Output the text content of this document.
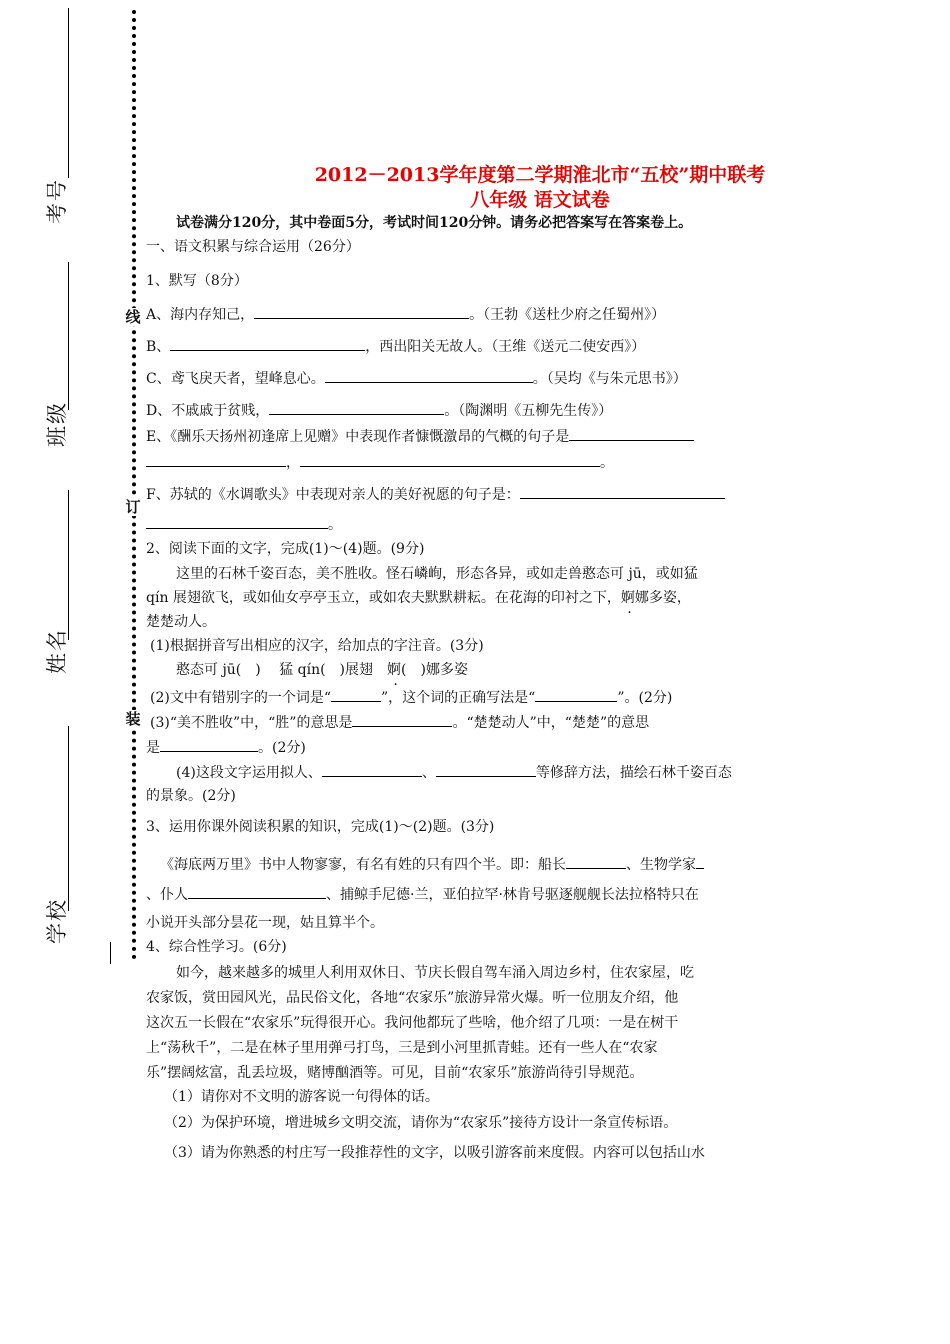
考号
班级
姓名
学校
线
订
装
2012－2013学年度第二学期淮北市“五校”期中联考
八年级 语文试卷
试卷满分120分，其中卷面5分，考试时间120分钟。请务必把答案写在答案卷上。
一、语文积累与综合运用（26分）
1、默写（8分）
A、海内存知己，	。（王勃《送杜少府之任蜀州》）
B、	，西出阳关无故人。（王维《送元二使安西》）
C、鸢飞戾天者，望峰息心。	。（吴均《与朱元思书》）
D、不戚戚于贫贱，	。（陶渊明《五柳先生传》）
E、《酬乐天扬州初逢席上见赠》中表现作者慷慨激昂的气概的句子是
，	。
F、苏轼的《水调歌头》中表现对亲人的美好祝愿的句子是：
。
2、阅读下面的文字，完成(1)～(4)题。(9分)
这里的石林千姿百态，美不胜收。怪石嶙峋，形态各异，或如走兽憨态可 jū，或如猛
qín 展翅欲飞，或如仙女亭亭玉立，或如农夫默默耕耘。在花海的印衬之下，婀娜多姿，
楚楚动人。
(1)根据拼音写出相应的汉字，给加点的字注音。(3分)
憨态可 jū(　)　 猛 qín(　)展翅　婀(　)娜多姿
(2)文中有错别字的一个词是“	”，这个词的正确写法是“	”。(2分)
(3)“美不胜收”中，“胜”的意思是	。“楚楚动人”中，“楚楚”的意思
是	。(2分)
(4)这段文字运用拟人、	、	等修辞方法，描绘石林千姿百态
的景象。(2分)
3、运用你课外阅读积累的知识，完成(1)～(2)题。(3分)
《海底两万里》书中人物寥寥，有名有姓的只有四个半。即：船长	、生物学家
、仆人	、捕鲸手尼德·兰，亚伯拉罕·林肯号驱逐舰舰长法拉格特只在
小说开头部分昙花一现，姑且算半个。
4、综合性学习。(6分)
如今，越来越多的城里人利用双休日、节庆长假自驾车涌入周边乡村，住农家屋，吃
农家饭，赏田园风光，品民俗文化，各地“农家乐”旅游异常火爆。听一位朋友介绍，他
这次五一长假在“农家乐”玩得很开心。我问他都玩了些啥，他介绍了几项：一是在树干
上“荡秋千”，二是在林子里用弹弓打鸟，三是到小河里抓青蛙。还有一些人在“农家
乐”摆阔炫富，乱丢垃圾，赌博酗酒等。可见，目前“农家乐”旅游尚待引导规范。
（1）请你对不文明的游客说一句得体的话。
（2）为保护环境，增进城乡文明交流，请你为“农家乐”接待方设计一条宣传标语。
（3）请为你熟悉的村庄写一段推荐性的文字，以吸引游客前来度假。内容可以包括山水
